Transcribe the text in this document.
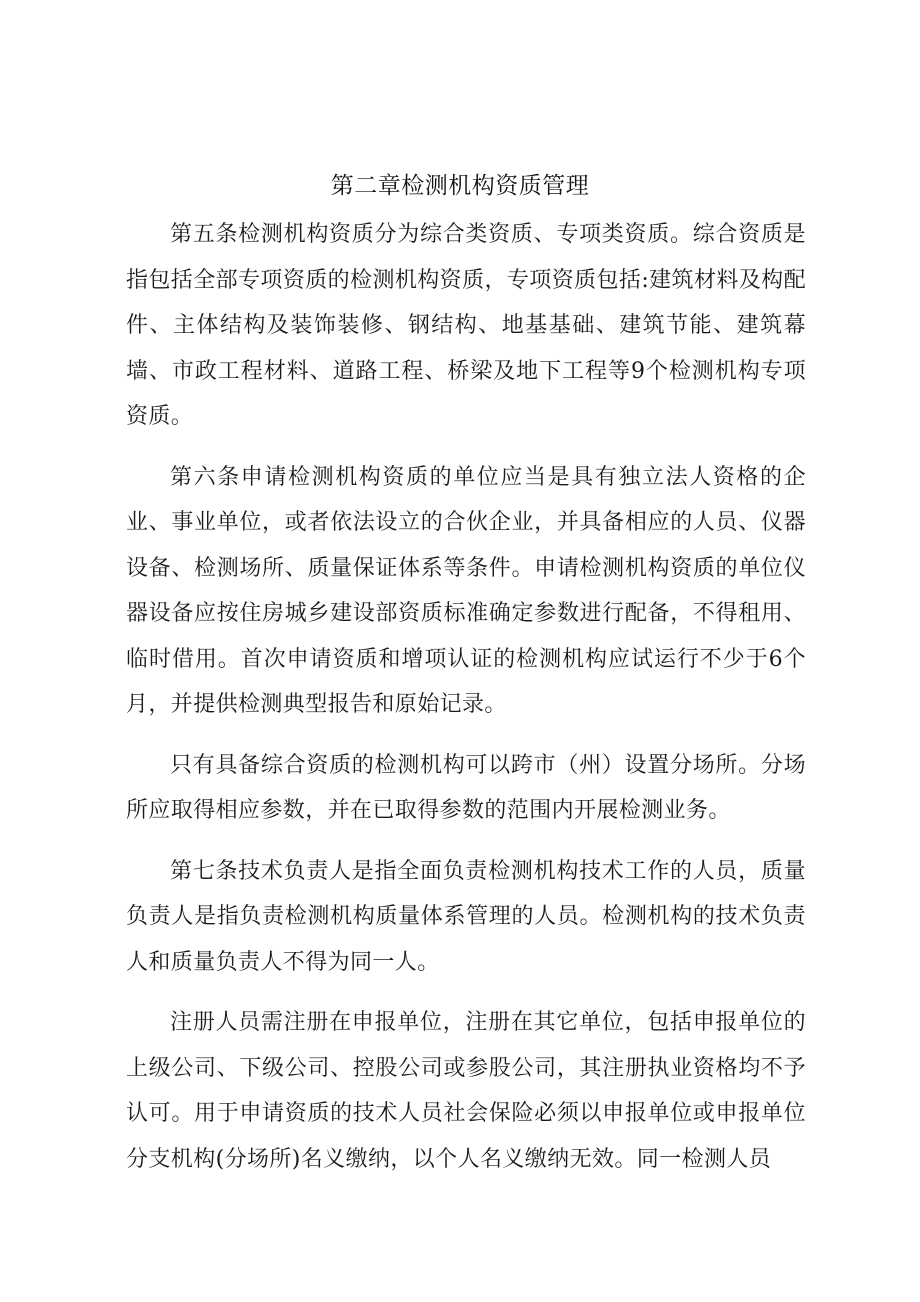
第二章检测机构资质管理

第五条检测机构资质分为综合类资质、专项类资质。综合资质是指包括全部专项资质的检测机构资质，专项资质包括:建筑材料及构配件、主体结构及装饰装修、钢结构、地基基础、建筑节能、建筑幕墙、市政工程材料、道路工程、桥梁及地下工程等9个检测机构专项资质。

第六条申请检测机构资质的单位应当是具有独立法人资格的企业、事业单位，或者依法设立的合伙企业，并具备相应的人员、仪器设备、检测场所、质量保证体系等条件。申请检测机构资质的单位仪器设备应按住房城乡建设部资质标准确定参数进行配备，不得租用、临时借用。首次申请资质和增项认证的检测机构应试运行不少于6个月，并提供检测典型报告和原始记录。

只有具备综合资质的检测机构可以跨市（州）设置分场所。分场所应取得相应参数，并在已取得参数的范围内开展检测业务。

第七条技术负责人是指全面负责检测机构技术工作的人员，质量负责人是指负责检测机构质量体系管理的人员。检测机构的技术负责人和质量负责人不得为同一人。

注册人员需注册在申报单位，注册在其它单位，包括申报单位的上级公司、下级公司、控股公司或参股公司，其注册执业资格均不予认可。用于申请资质的技术人员社会保险必须以申报单位或申报单位分支机构(分场所)名义缴纳，以个人名义缴纳无效。同一检测人员
